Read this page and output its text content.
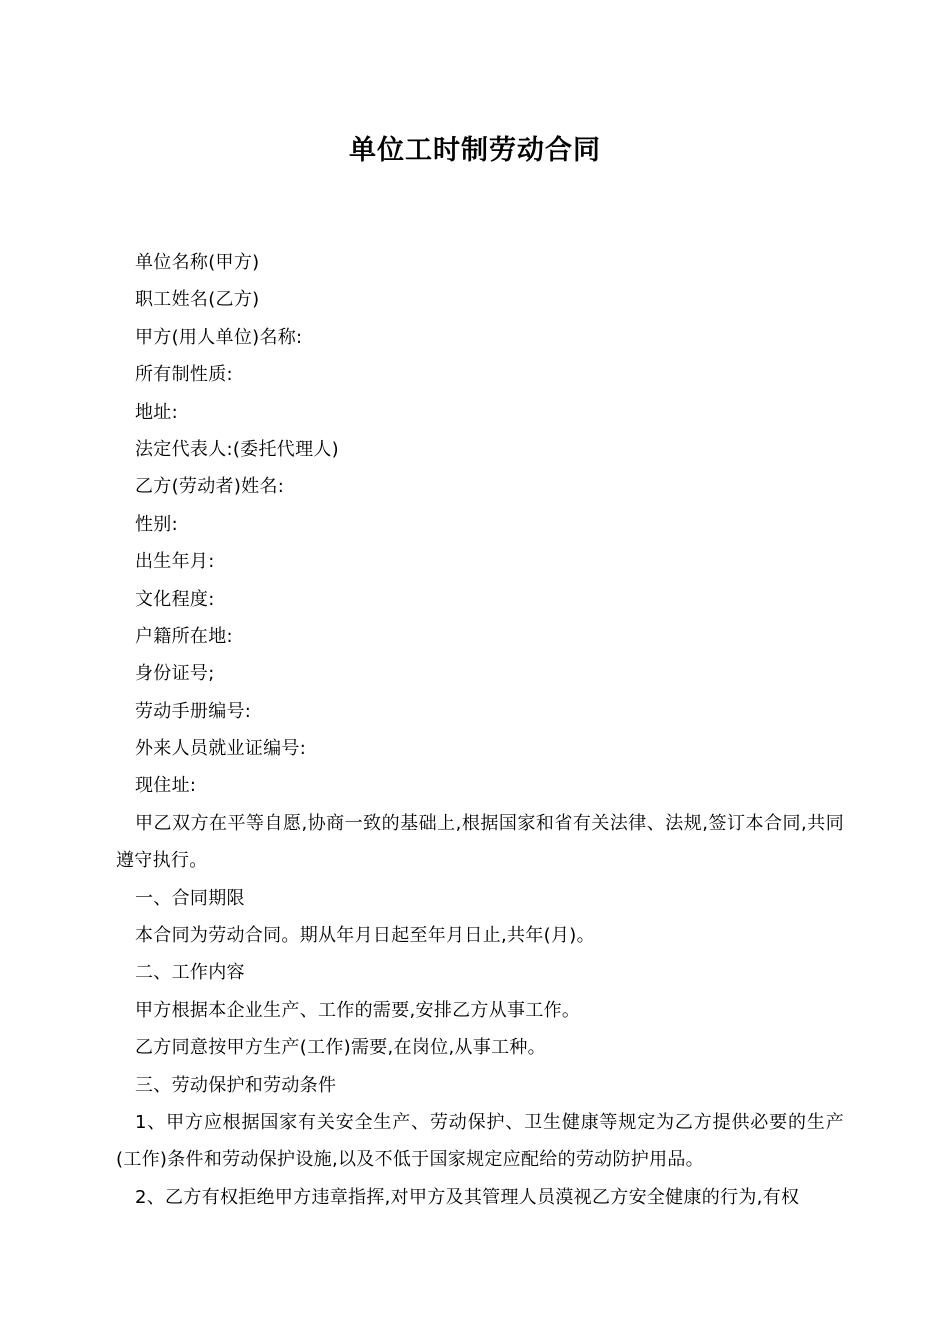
单位工时制劳动合同

单位名称(甲方)

职工姓名(乙方)

甲方(用人单位)名称:

所有制性质:

地址:

法定代表人:(委托代理人)

乙方(劳动者)姓名:

性别:

出生年月:

文化程度:

户籍所在地:

身份证号;

劳动手册编号:

外来人员就业证编号:

现住址:

甲乙双方在平等自愿,协商一致的基础上,根据国家和省有关法律、法规,签订本合同,共同遵守执行。

一、合同期限

本合同为劳动合同。期从年月日起至年月日止,共年(月)。

二、工作内容

甲方根据本企业生产、工作的需要,安排乙方从事工作。

乙方同意按甲方生产(工作)需要,在岗位,从事工种。

三、劳动保护和劳动条件

1、甲方应根据国家有关安全生产、劳动保护、卫生健康等规定为乙方提供必要的生产(工作)条件和劳动保护设施,以及不低于国家规定应配给的劳动防护用品。

2、乙方有权拒绝甲方违章指挥,对甲方及其管理人员漠视乙方安全健康的行为,有权
